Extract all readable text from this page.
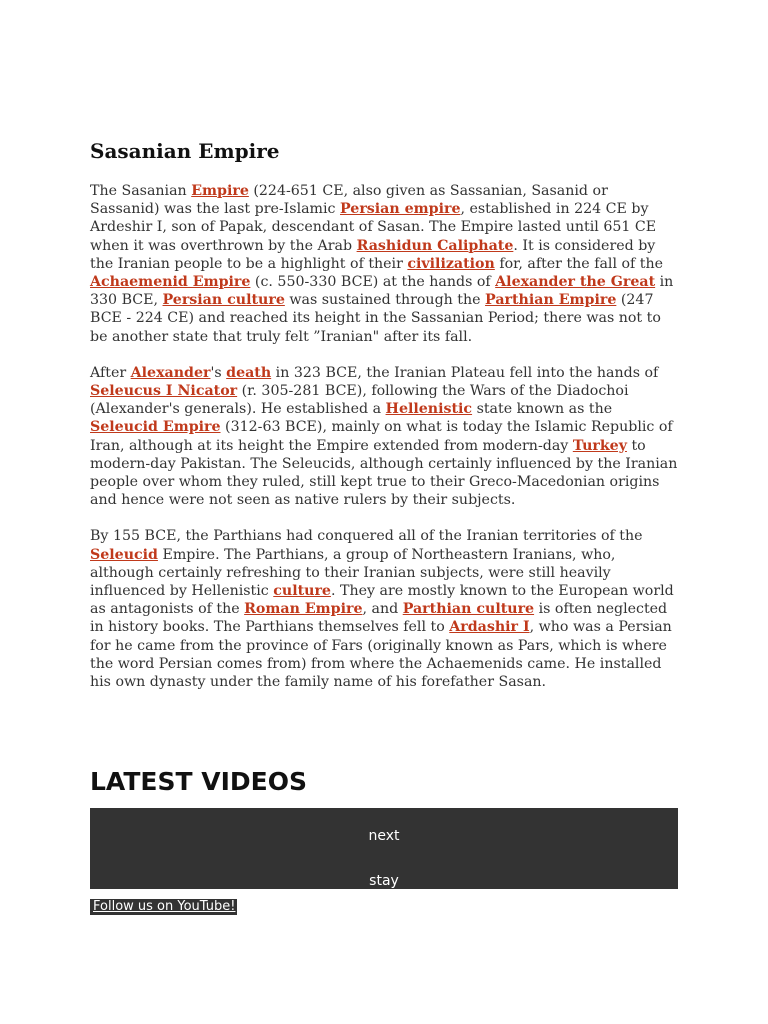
Sasanian Empire

The Sasanian Empire (224-651 CE, also given as Sassanian, Sasanid or Sassanid) was the last pre-Islamic Persian empire, established in 224 CE by Ardeshir I, son of Papak, descendant of Sasan. The Empire lasted until 651 CE when it was overthrown by the Arab Rashidun Caliphate. It is considered by the Iranian people to be a highlight of their civilization for, after the fall of the Achaemenid Empire (c. 550-330 BCE) at the hands of Alexander the Great in 330 BCE, Persian culture was sustained through the Parthian Empire (247 BCE - 224 CE) and reached its height in the Sassanian Period; there was not to be another state that truly felt ”Iranian" after its fall.

After Alexander's death in 323 BCE, the Iranian Plateau fell into the hands of Seleucus I Nicator (r. 305-281 BCE), following the Wars of the Diadochoi (Alexander's generals). He established a Hellenistic state known as the Seleucid Empire (312-63 BCE), mainly on what is today the Islamic Republic of Iran, although at its height the Empire extended from modern-day Turkey to modern-day Pakistan. The Seleucids, although certainly influenced by the Iranian people over whom they ruled, still kept true to their Greco-Macedonian origins and hence were not seen as native rulers by their subjects.

By 155 BCE, the Parthians had conquered all of the Iranian territories of the Seleucid Empire. The Parthians, a group of Northeastern Iranians, who, although certainly refreshing to their Iranian subjects, were still heavily influenced by Hellenistic culture. They are mostly known to the European world as antagonists of the Roman Empire, and Parthian culture is often neglected in history books. The Parthians themselves fell to Ardashir I, who was a Persian for he came from the province of Fars (originally known as Pars, which is where the word Persian comes from) from where the Achaemenids came. He installed his own dynasty under the family name of his forefather Sasan.

LATEST VIDEOS
next
stay
Follow us on YouTube!
